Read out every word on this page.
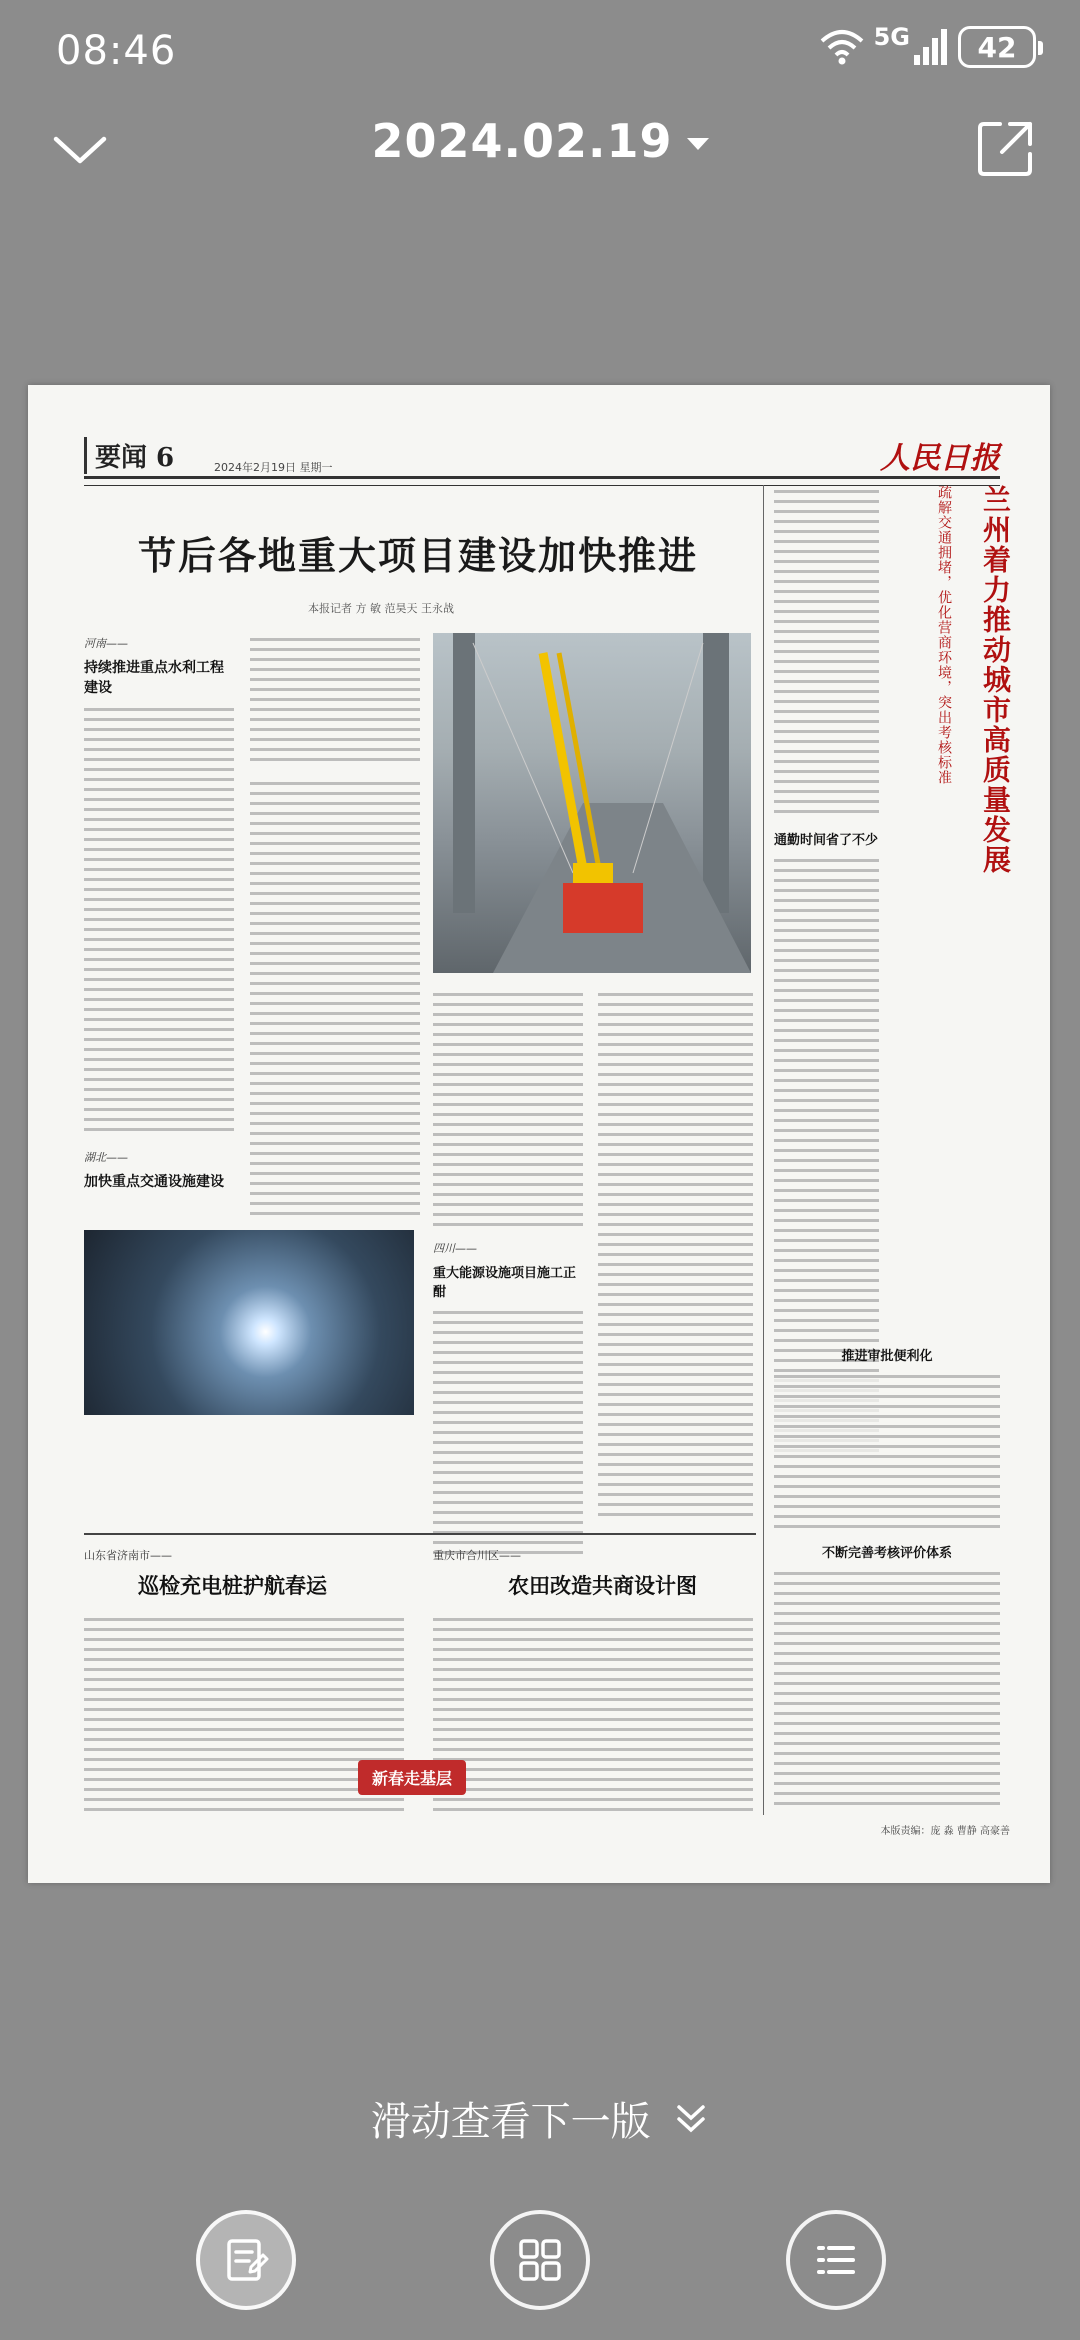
08:46	5G 42
2024.02.19
要闻 6	2024年2月19日 星期一	人民日报
节后各地重大项目建设加快推进
本报记者 方 敏 范昊天 王永战
河南——
持续推进重点水利工程建设
湖北——
加快重点交通设施建设
四川——
重大能源设施项目施工正酣
兰州着力推动城市高质量发展
疏解交通拥堵，优化营商环境，突出考核标准
通勤时间省了不少
推进审批便利化
不断完善考核评价体系
山东省济南市——
巡检充电桩护航春运
重庆市合川区——
农田改造共商设计图
新春走基层
本版责编：庞 淼 曹静 高豪善
滑动查看下一版
